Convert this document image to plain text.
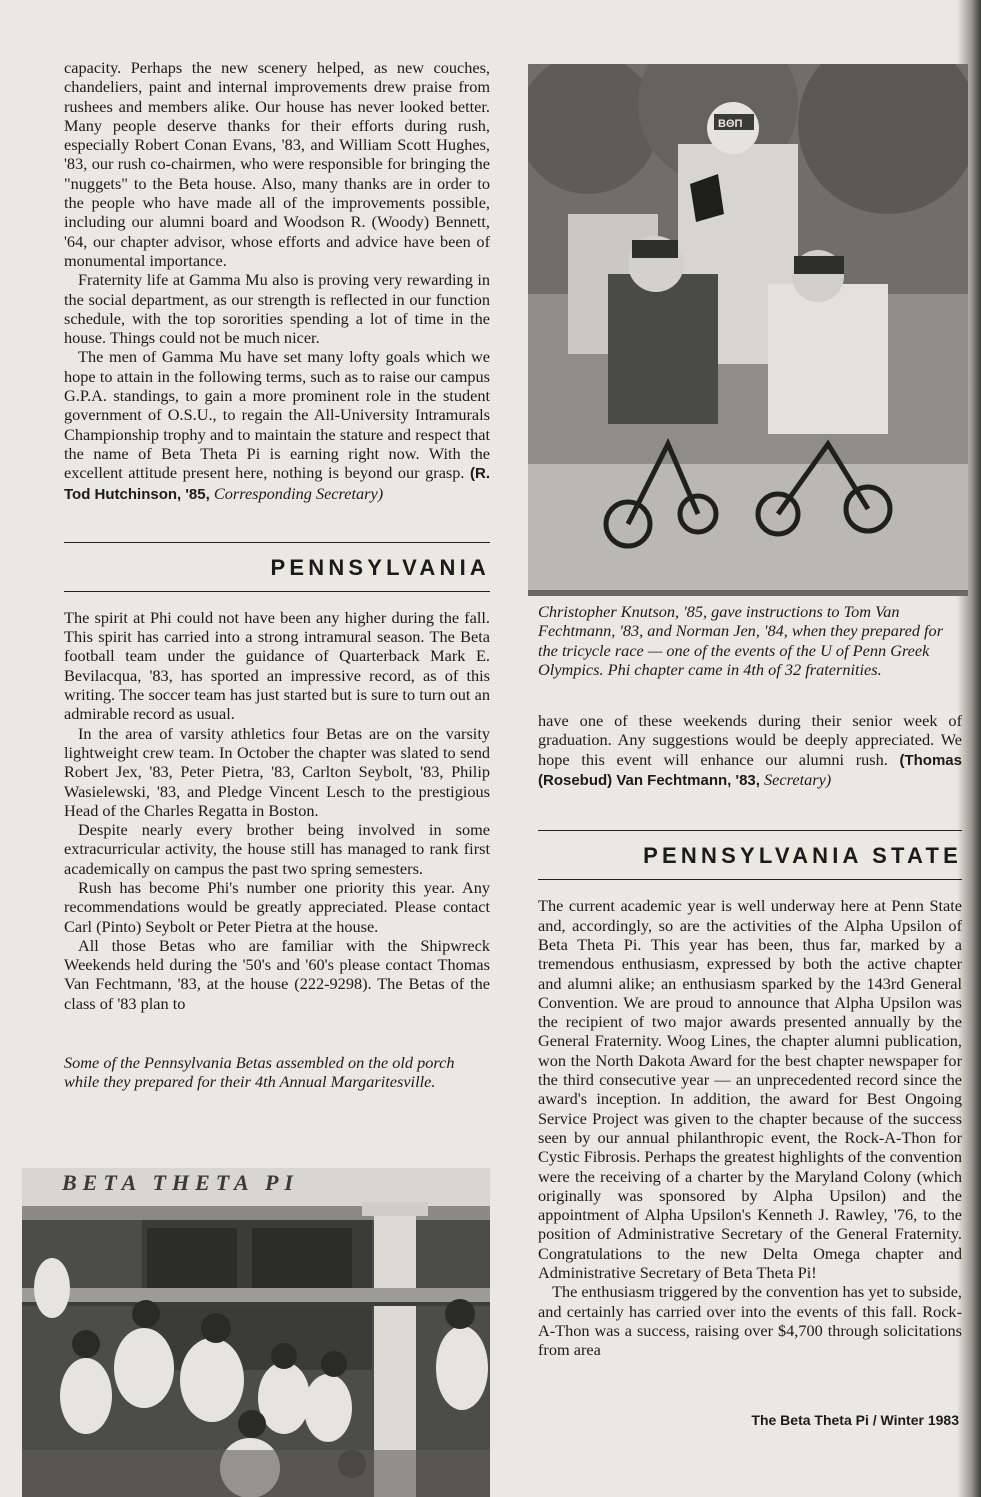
capacity. Perhaps the new scenery helped, as new couches, chandeliers, paint and internal improvements drew praise from rushees and members alike. Our house has never looked better. Many people deserve thanks for their efforts during rush, especially Robert Conan Evans, '83, and William Scott Hughes, '83, our rush co-chairmen, who were responsible for bringing the "nuggets" to the Beta house. Also, many thanks are in order to the people who have made all of the improvements possible, including our alumni board and Woodson R. (Woody) Bennett, '64, our chapter advisor, whose efforts and advice have been of monumental importance.

Fraternity life at Gamma Mu also is proving very rewarding in the social department, as our strength is reflected in our function schedule, with the top sororities spending a lot of time in the house. Things could not be much nicer.

The men of Gamma Mu have set many lofty goals which we hope to attain in the following terms, such as to raise our campus G.P.A. standings, to gain a more prominent role in the student government of O.S.U., to regain the All-University Intramurals Championship trophy and to maintain the stature and respect that the name of Beta Theta Pi is earning right now. With the excellent attitude present here, nothing is beyond our grasp. (R. Tod Hutchinson, '85, Corresponding Secretary)

PENNSYLVANIA

The spirit at Phi could not have been any higher during the fall. This spirit has carried into a strong intramural season. The Beta football team under the guidance of Quarterback Mark E. Bevilacqua, '83, has sported an impressive record, as of this writing. The soccer team has just started but is sure to turn out an admirable record as usual.

In the area of varsity athletics four Betas are on the varsity lightweight crew team. In October the chapter was slated to send Robert Jex, '83, Peter Pietra, '83, Carlton Seybolt, '83, Philip Wasielewski, '83, and Pledge Vincent Lesch to the prestigious Head of the Charles Regatta in Boston.

Despite nearly every brother being involved in some extracurricular activity, the house still has managed to rank first academically on campus the past two spring semesters.

Rush has become Phi's number one priority this year. Any recommendations would be greatly appreciated. Please contact Carl (Pinto) Seybolt or Peter Pietra at the house.

All those Betas who are familiar with the Shipwreck Weekends held during the '50's and '60's please contact Thomas Van Fechtmann, '83, at the house (222-9298). The Betas of the class of '83 plan to

Some of the Pennsylvania Betas assembled on the old porch while they prepared for their 4th Annual Margaritesville.

BETA THETA PI
BΘΠ

Christopher Knutson, '85, gave instructions to Tom Van Fechtmann, '83, and Norman Jen, '84, when they prepared for the tricycle race — one of the events of the U of Penn Greek Olympics. Phi chapter came in 4th of 32 fraternities.

have one of these weekends during their senior week of graduation. Any suggestions would be deeply appreciated. We hope this event will enhance our alumni rush. (Thomas (Rosebud) Van Fechtmann, '83, Secretary)

PENNSYLVANIA STATE

The current academic year is well underway here at Penn State and, accordingly, so are the activities of the Alpha Upsilon of Beta Theta Pi. This year has been, thus far, marked by a tremendous enthusiasm, expressed by both the active chapter and alumni alike; an enthusiasm sparked by the 143rd General Convention. We are proud to announce that Alpha Upsilon was the recipient of two major awards presented annually by the General Fraternity. Woog Lines, the chapter alumni publication, won the North Dakota Award for the best chapter newspaper for the third consecutive year — an unprecedented record since the award's inception. In addition, the award for Best Ongoing Service Project was given to the chapter because of the success seen by our annual philanthropic event, the Rock-A-Thon for Cystic Fibrosis. Perhaps the greatest highlights of the convention were the receiving of a charter by the Maryland Colony (which originally was sponsored by Alpha Upsilon) and the appointment of Alpha Upsilon's Kenneth J. Rawley, '76, to the position of Administrative Secretary of the General Fraternity. Congratulations to the new Delta Omega chapter and Administrative Secretary of Beta Theta Pi!

The enthusiasm triggered by the convention has yet to subside, and certainly has carried over into the events of this fall. Rock-A-Thon was a success, raising over $4,700 through solicitations from area

The Beta Theta Pi / Winter 1983
